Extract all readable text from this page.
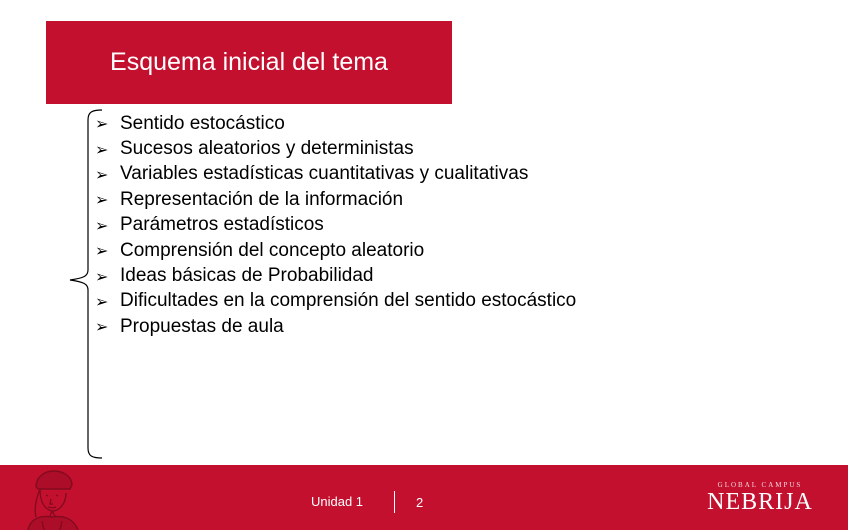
Esquema inicial del tema
➢ Sentido estocástico
➢ Sucesos aleatorios y deterministas
➢ Variables estadísticas cuantitativas y cualitativas
➢ Representación de la información
➢ Parámetros estadísticos
➢ Comprensión del concepto aleatorio
➢ Ideas básicas de Probabilidad
➢ Dificultades en la comprensión del sentido estocástico
➢ Propuestas de aula
Unidad 1	2
GLOBAL CAMPUS
NEBRIJA
